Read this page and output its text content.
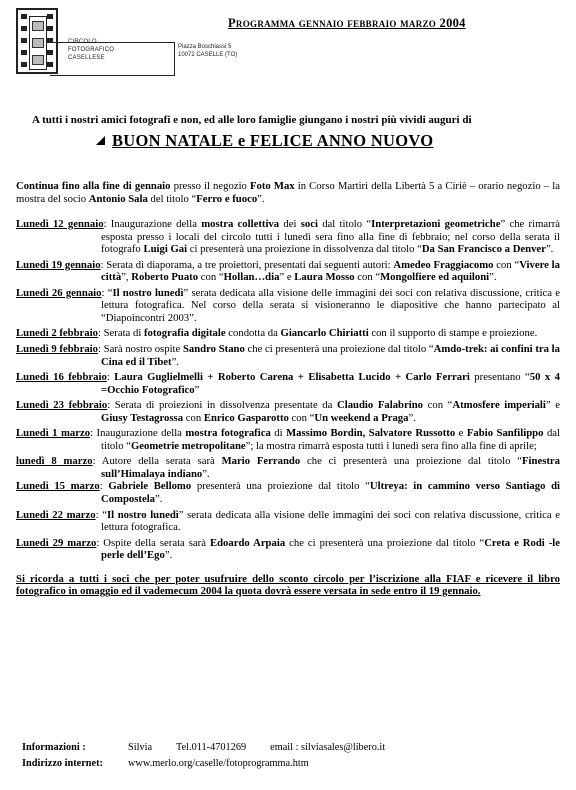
CIRCOLO
FOTOGRAFICO
CASELLESE
Piazza Boschiassi 5
10072 CASELLE (TO)
Programma gennaio febbraio marzo 2004
A tutti i nostri amici fotografi e non, ed alle loro famiglie giungano i nostri più vividi auguri di
BUON NATALE e FELICE ANNO NUOVO

Continua fino alla fine di gennaio presso il negozio Foto Max in Corso Martiri della Libertà 5 a Ciriè – orario negozio – la mostra del socio Antonio Sala del titolo “Ferro e fuoco”.

Lunedì 12 gennaio: Inaugurazione della mostra collettiva dei soci dal titolo “Interpretazioni geometriche” che rimarrà esposta presso i locali del circolo tutti i lunedì sera fino alla fine di febbraio; nel corso della serata il fotografo Luigi Gai ci presenterà una proiezione in dissolvenza dal titolo “Da San Francisco a Denver”.

Lunedì 19 gennaio: Serata di diaporama, a tre proiettori, presentati dai seguenti autori: Amedeo Fraggiacomo con “Vivere la città”, Roberto Puato con “Hollan…dia” e Laura Mosso con “Mongolfiere ed aquiloni”.

Lunedì 26 gennaio: “Il nostro lunedì” serata dedicata alla visione delle immagini dei soci con relativa discussione, critica e lettura fotografica. Nel corso della serata si visioneranno le diapositive che hanno partecipato al “Diapoincontri 2003”.

Lunedì 2 febbraio: Serata di fotografia digitale condotta da Giancarlo Chiriatti con il supporto di stampe e proiezione.

Lunedì 9 febbraio: Sarà nostro ospite Sandro Stano che ci presenterà una proiezione dal titolo “Amdo-trek: ai confini tra la Cina ed il Tibet”.

Lunedì 16 febbraio: Laura Guglielmelli + Roberto Carena + Elisabetta Lucido + Carlo Ferrari presentano “50 x 4 =Occhio Fotografico”

Lunedì 23 febbraio: Serata di proiezioni in dissolvenza presentate da Claudio Falabrino con “Atmosfere imperiali” e Giusy Testagrossa con Enrico Gasparotto con “Un weekend a Praga”.

Lunedì 1 marzo: Inaugurazione della mostra fotografica di Massimo Bordin, Salvatore Russotto e Fabio Sanfilippo dal titolo “Geometrie metropolitane”; la mostra rimarrà esposta tutti i lunedì sera fino alla fine di aprile;

lunedì 8 marzo: Autore della serata sarà Mario Ferrando che ci presenterà una proiezione dal titolo “Finestra sull’Himalaya indiano”.

Lunedì 15 marzo: Gabriele Bellomo presenterà una proiezione dal titolo “Ultreya: in cammino verso Santiago di Compostela”.

Lunedì 22 marzo: “Il nostro lunedì” serata dedicata alla visione delle immagini dei soci con relativa discussione, critica e lettura fotografica.

Lunedì 29 marzo: Ospite della serata sarà Edoardo Arpaia che ci presenterà una proiezione dal titolo “Creta e Rodi -le perle dell’Ego”.

Si ricorda a tutti i soci che per poter usufruire dello sconto circolo per l’iscrizione alla FIAF e ricevere il libro fotografico in omaggio ed il vademecum 2004 la quota dovrà essere versata in sede entro il 19 gennaio.

Informazioni :	Silvia Tel.011-4701269 email : silviasales@libero.it
Indirizzo internet: www.merlo.org/caselle/fotoprogramma.htm
